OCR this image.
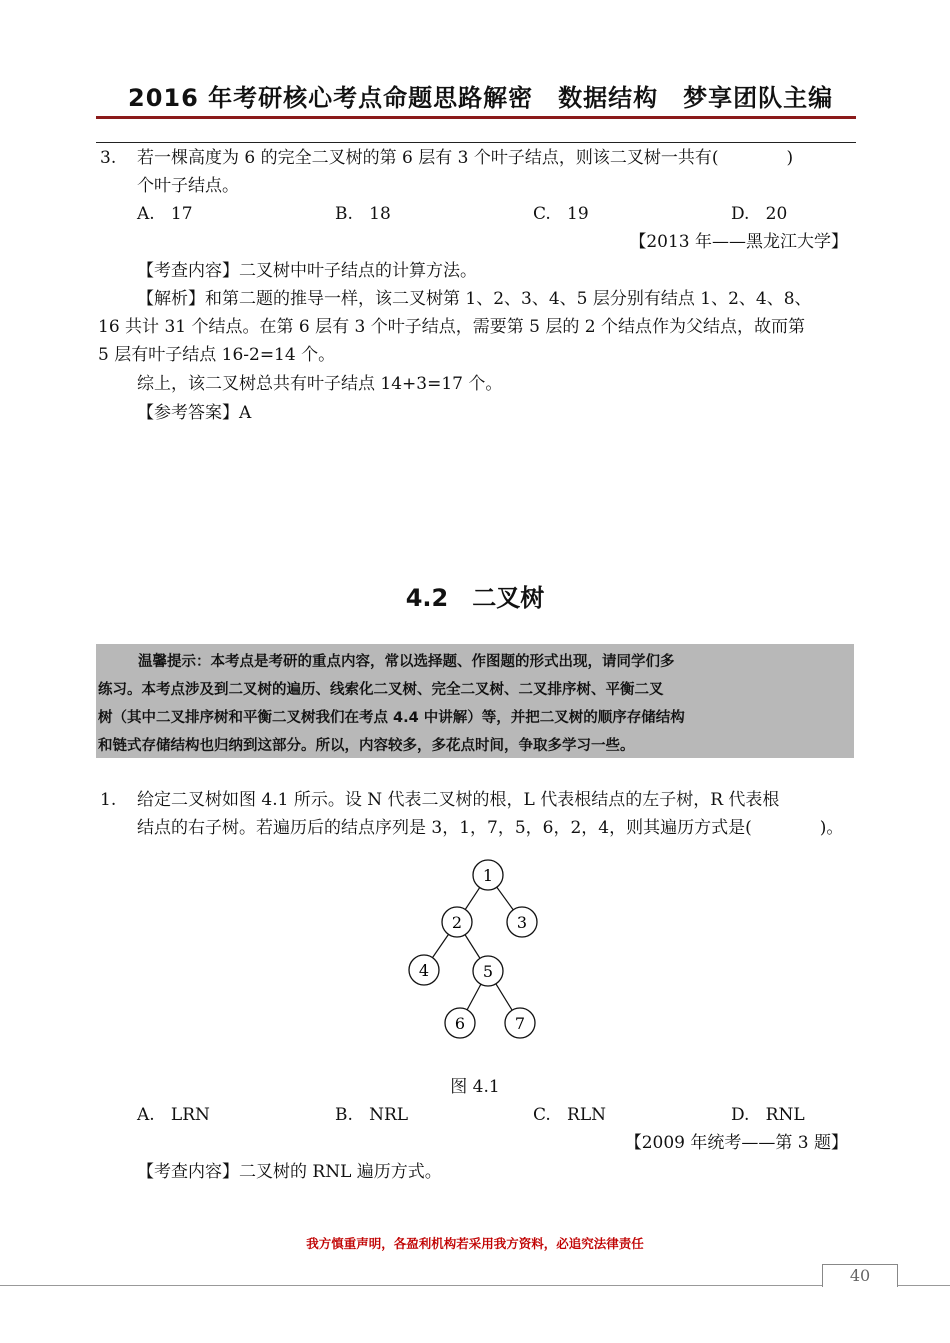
2016 年考研核心考点命题思路解密　数据结构　梦享团队主编
3. 若一棵高度为 6 的完全二叉树的第 6 层有 3 个叶子结点，则该二叉树一共有(　　　　)
个叶子结点。
A. 17	B. 18	C. 19	D. 20
【2013 年——黑龙江大学】
【考查内容】二叉树中叶子结点的计算方法。
【解析】和第二题的推导一样，该二叉树第 1、2、3、4、5 层分别有结点 1、2、4、8、
16 共计 31 个结点。在第 6 层有 3 个叶子结点，需要第 5 层的 2 个结点作为父结点，故而第
5 层有叶子结点 16-2=14 个。
综上，该二叉树总共有叶子结点 14+3=17 个。
【参考答案】A
4.2　二叉树
温馨提示：本考点是考研的重点内容，常以选择题、作图题的形式出现，请同学们多
练习。本考点涉及到二叉树的遍历、线索化二叉树、完全二叉树、二叉排序树、平衡二叉
树（其中二叉排序树和平衡二叉树我们在考点 4.4 中讲解）等，并把二叉树的顺序存储结构
和链式存储结构也归纳到这部分。所以，内容较多，多花点时间，争取多学习一些。
1. 给定二叉树如图 4.1 所示。设 N 代表二叉树的根，L 代表根结点的左子树，R 代表根
结点的右子树。若遍历后的结点序列是 3，1，7，5，6，2，4，则其遍历方式是(　　　　)。
1
2	3
4	5
6	7
图 4.1
A. LRN	B. NRL	C. RLN	D. RNL
【2009 年统考——第 3 题】
【考查内容】二叉树的 RNL 遍历方式。
我方慎重声明，各盈利机构若采用我方资料，必追究法律责任
40
